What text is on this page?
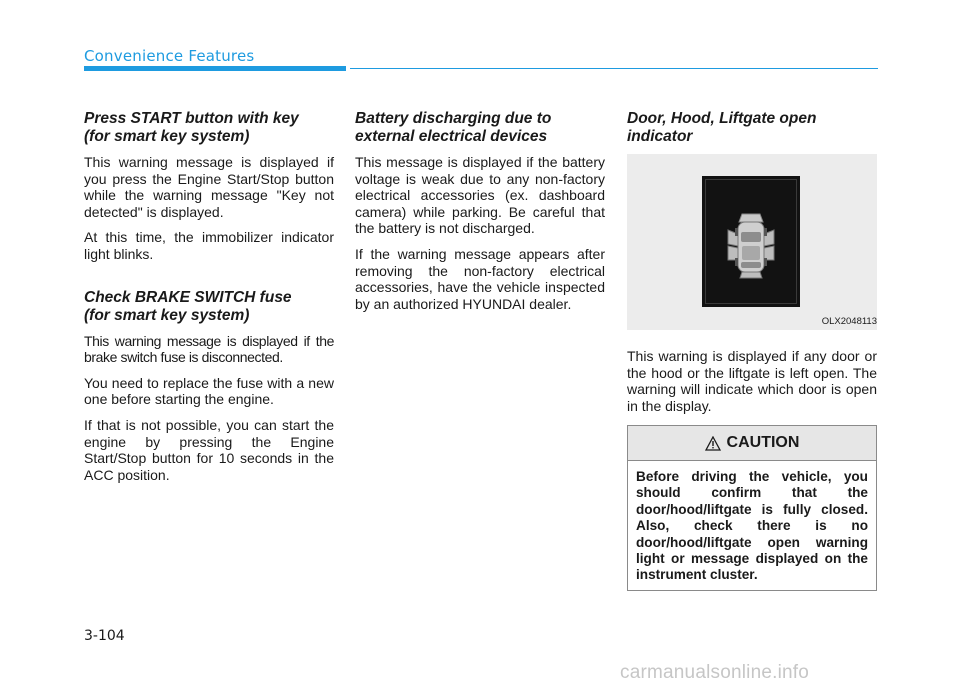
Convenience Features
Press START button with key
(for smart key system)

This warning message is displayed if you press the Engine Start/Stop button while the warning message "Key not detected" is displayed.

At this time, the immobilizer indicator light blinks.

Check BRAKE SWITCH fuse
(for smart key system)

This warning message is displayed if the brake switch fuse is disconnected.

You need to replace the fuse with a new one before starting the engine.

If that is not possible, you can start the engine by pressing the Engine Start/Stop button for 10 seconds in the ACC position.

Battery discharging due to
external electrical devices

This message is displayed if the battery voltage is weak due to any non-factory electrical accessories (ex. dashboard camera) while parking. Be careful that the battery is not discharged.

If the warning message appears after removing the non-factory electrical accessories, have the vehicle inspected by an authorized HYUNDAI dealer.

Door, Hood, Liftgate open
indicator
OLX2048113

This warning is displayed if any door or the hood or the liftgate is left open. The warning will indicate which door is open in the display.

CAUTION
Before driving the vehicle, you should confirm that the door/hood/liftgate is fully closed. Also, check there is no door/hood/liftgate open warning light or message displayed on the instrument cluster.
3-104
carmanualsonline.info
